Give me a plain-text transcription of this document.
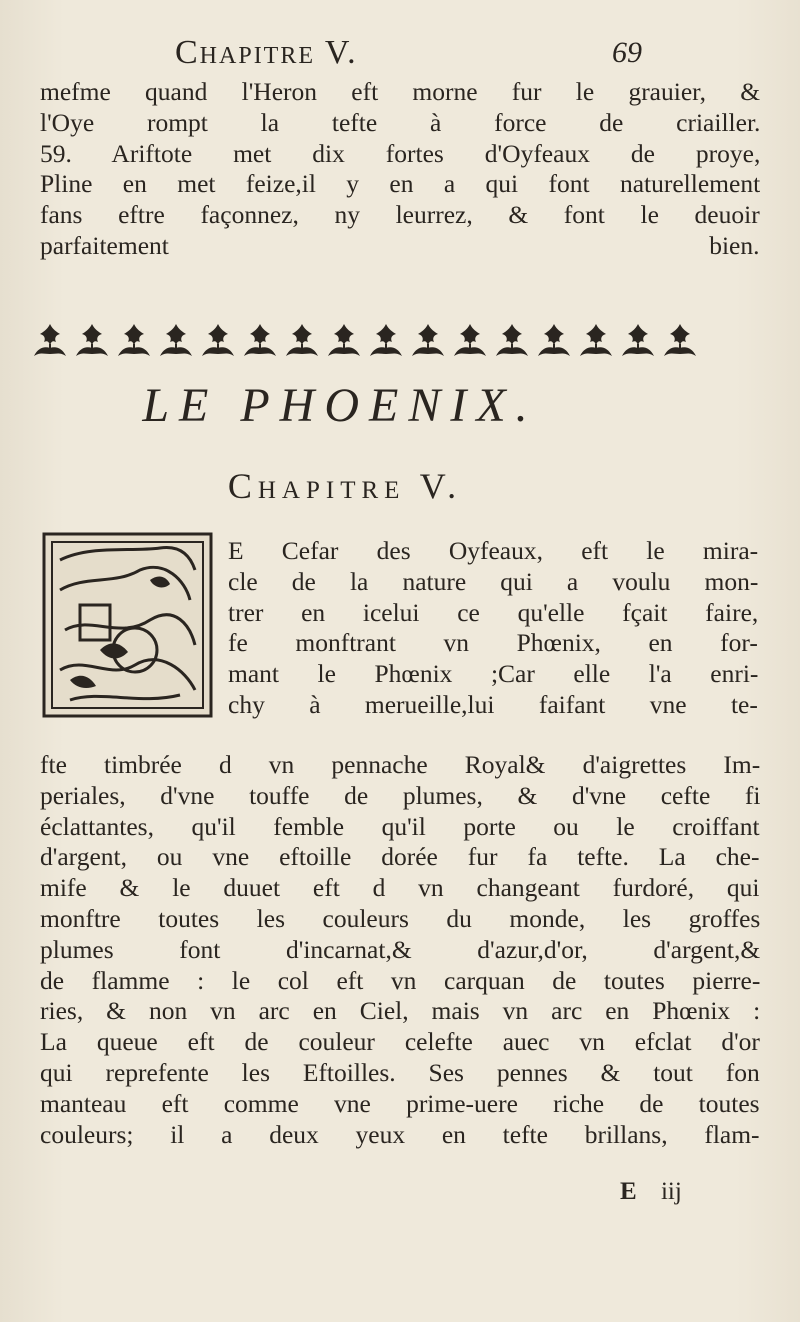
Chapitre V.	69
mefme quand l'Heron eft morne fur le grauier, &
l'Oye rompt la tefte à force de criailler.
59. Ariftote met dix fortes d'Oyfeaux de proye,
Pline en met feize,il y en a qui font naturellement
fans eftre façonnez, ny leurrez, & font le deuoir
parfaitement bien.
LE PHOENIX.
Chapitre V.
E Cefar des Oyfeaux, eft le mira-
cle de la nature qui a voulu mon-
trer en icelui ce qu'elle fçait faire,
fe monftrant vn Phœnix, en for-
mant le Phœnix ;Car elle l'a enri-
chy à merueille,lui faifant vne te-
fte timbrée d vn pennache Royal& d'aigrettes Im-
periales, d'vne touffe de plumes, & d'vne cefte fi
éclattantes, qu'il femble qu'il porte ou le croiffant
d'argent, ou vne eftoille dorée fur fa tefte. La che-
mife & le duuet eft d vn changeant furdoré, qui
monftre toutes les couleurs du monde, les groffes
plumes font d'incarnat,& d'azur,d'or, d'argent,&
de flamme : le col eft vn carquan de toutes pierre-
ries, & non vn arc en Ciel, mais vn arc en Phœnix :
La queue eft de couleur celefte auec vn efclat d'or
qui reprefente les Eftoilles. Ses pennes & tout fon
manteau eft comme vne prime-uere riche de toutes
couleurs; il a deux yeux en tefte brillans, flam-
E iij
